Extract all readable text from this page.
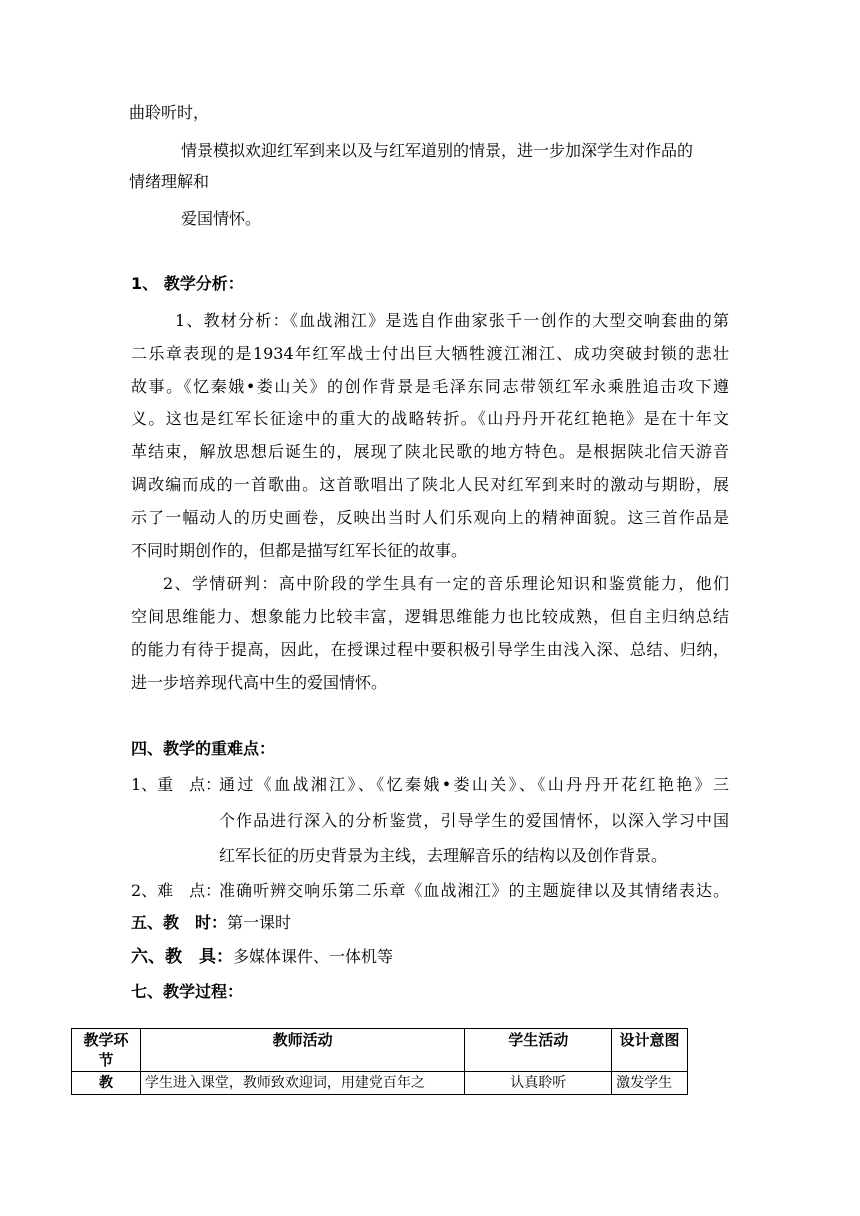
曲聆听时，
情景模拟欢迎红军到来以及与红军道别的情景，进一步加深学生对作品的
情绪理解和
爱国情怀。
1、 教学分析：
1、教材分析：《血战湘江》是选自作曲家张千一创作的大型交响套曲的第
二乐章表现的是1934年红军战士付出巨大牺牲渡江湘江、成功突破封锁的悲壮
故事。《忆秦娥•娄山关》的创作背景是毛泽东同志带领红军永乘胜追击攻下遵
义。这也是红军长征途中的重大的战略转折。《山丹丹开花红艳艳》是在十年文
革结束，解放思想后诞生的，展现了陕北民歌的地方特色。是根据陕北信天游音
调改编而成的一首歌曲。这首歌唱出了陕北人民对红军到来时的激动与期盼，展
示了一幅动人的历史画卷，反映出当时人们乐观向上的精神面貌。这三首作品是
不同时期创作的，但都是描写红军长征的故事。
2、学情研判：高中阶段的学生具有一定的音乐理论知识和鉴赏能力，他们
空间思维能力、想象能力比较丰富，逻辑思维能力也比较成熟，但自主归纳总结
的能力有待于提高，因此，在授课过程中要积极引导学生由浅入深、总结、归纳，
进一步培养现代高中生的爱国情怀。
四、教学的重难点：
1、重　点：
通过《血战湘江》、《忆秦娥•娄山关》、《山丹丹开花红艳艳》三
个作品进行深入的分析鉴赏，引导学生的爱国情怀，以深入学习中国
红军长征的历史背景为主线，去理解音乐的结构以及创作背景。
2、难　点：
准确听辨交响乐第二乐章《血战湘江》的主题旋律以及其情绪表达。
五、教　时：第一课时
六、教　具：多媒体课件、一体机等
七、教学过程：
教学环节	教师活动	学生活动	设计意图
教	学生进入课堂，教师致欢迎词，用建党百年之	认真聆听	激发学生
